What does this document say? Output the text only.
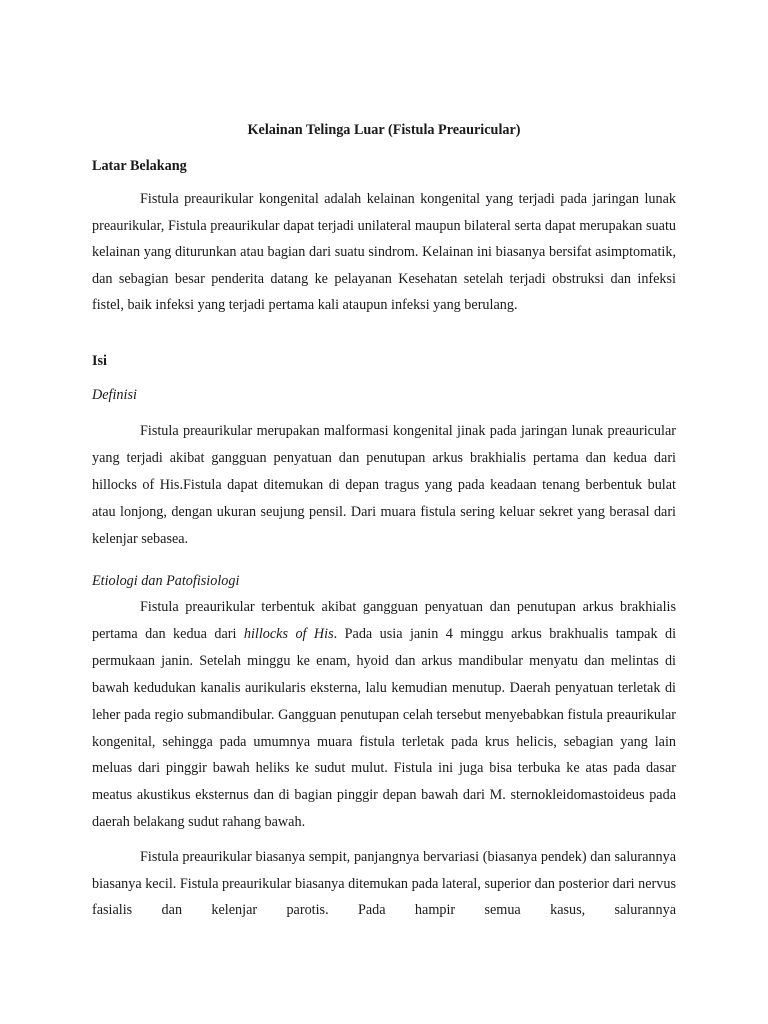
Kelainan Telinga Luar (Fistula Preauricular)
Latar Belakang

Fistula preaurikular kongenital adalah kelainan kongenital yang terjadi pada jaringan lunak preaurikular, Fistula preaurikular dapat terjadi unilateral maupun bilateral serta dapat merupakan suatu kelainan yang diturunkan atau bagian dari suatu sindrom. Kelainan ini biasanya bersifat asimptomatik, dan sebagian besar penderita datang ke pelayanan Kesehatan setelah terjadi obstruksi dan infeksi fistel, baik infeksi yang terjadi pertama kali ataupun infeksi yang berulang.

Isi
Definisi

Fistula preaurikular merupakan malformasi kongenital jinak pada jaringan lunak preauricular yang terjadi akibat gangguan penyatuan dan penutupan arkus brakhialis pertama dan kedua dari hillocks of His.Fistula dapat ditemukan di depan tragus yang pada keadaan tenang berbentuk bulat atau lonjong, dengan ukuran seujung pensil. Dari muara fistula sering keluar sekret yang berasal dari kelenjar sebasea.

Etiologi dan Patofisiologi

Fistula preaurikular terbentuk akibat gangguan penyatuan dan penutupan arkus brakhialis pertama dan kedua dari hillocks of His. Pada usia janin 4 minggu arkus brakhualis tampak di permukaan janin. Setelah minggu ke enam, hyoid dan arkus mandibular menyatu dan melintas di bawah kedudukan kanalis aurikularis eksterna, lalu kemudian menutup. Daerah penyatuan terletak di leher pada regio submandibular. Gangguan penutupan celah tersebut menyebabkan fistula preaurikular kongenital, sehingga pada umumnya muara fistula terletak pada krus helicis, sebagian yang lain meluas dari pinggir bawah heliks ke sudut mulut. Fistula ini juga bisa terbuka ke atas pada dasar meatus akustikus eksternus dan di bagian pinggir depan bawah dari M. sternokleidomastoideus pada daerah belakang sudut rahang bawah.

Fistula preaurikular biasanya sempit, panjangnya bervariasi (biasanya pendek) dan salurannya biasanya kecil. Fistula preaurikular biasanya ditemukan pada lateral, superior dan posterior dari nervus fasialis dan kelenjar parotis. Pada hampir semua kasus, salurannya
